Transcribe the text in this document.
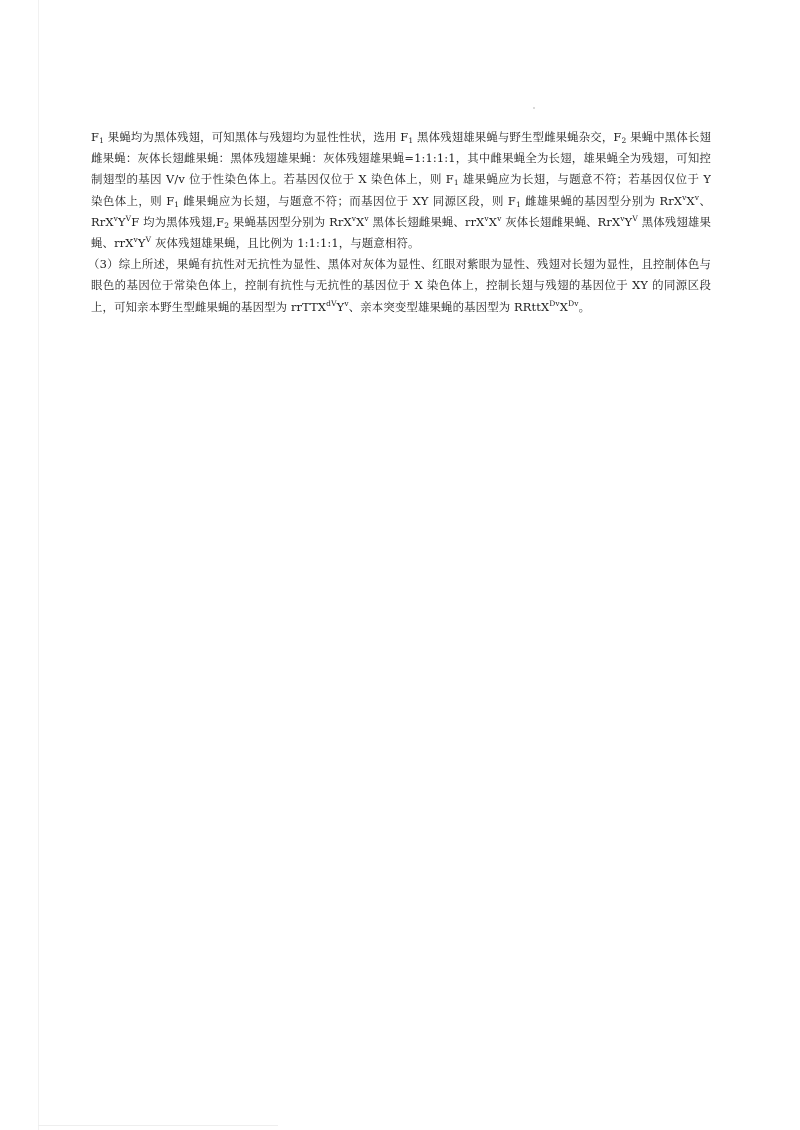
$F_1$ 果蝇均为黑体残翅，可知黑体与残翅均为显性性状，选用 $F_1$ 黑体残翅雄果蝇与野生型雌果蝇杂交，$F_2$ 果蝇中黑体长翅雌果蝇：灰体长翅雌果蝇：黑体残翅雄果蝇：灰体残翅雄果蝇=1:1:1:1，其中雌果蝇全为长翅，雄果蝇全为残翅，可知控制翅型的基因 V/v 位于性染色体上。若基因仅位于 X 染色体上，则 $F_1$ 雄果蝇应为长翅，与题意不符；若基因仅位于 Y 染色体上，则 $F_1$ 雌果蝇应为长翅，与题意不符；而基因位于 XY 同源区段，则 $F_1$ 雌雄果蝇的基因型分别为 $RrX^vX^v$、$RrX^vY^VF$ 均为黑体残翅$,F_2$ 果蝇基因型分别为 $RrX^vX^v$ 黑体长翅雌果蝇、$rrX^vX^v$ 灰体长翅雌果蝇、$RrX^vY^V$ 黑体残翅雄果蝇、$rrX^vY^V$ 灰体残翅雄果蝇，且比例为 1:1:1:1，与题意相符。

（3）综上所述，果蝇有抗性对无抗性为显性、黑体对灰体为显性、红眼对紫眼为显性、残翅对长翅为显性，且控制体色与眼色的基因位于常染色体上，控制有抗性与无抗性的基因位于 X 染色体上，控制长翅与残翅的基因位于 XY 的同源区段上，可知亲本野生型雌果蝇的基因型为 $rrTTX^{dV}Y^v$、亲本突变型雄果蝇的基因型为 $RRttX^{Dv}X^{Dv}$。
